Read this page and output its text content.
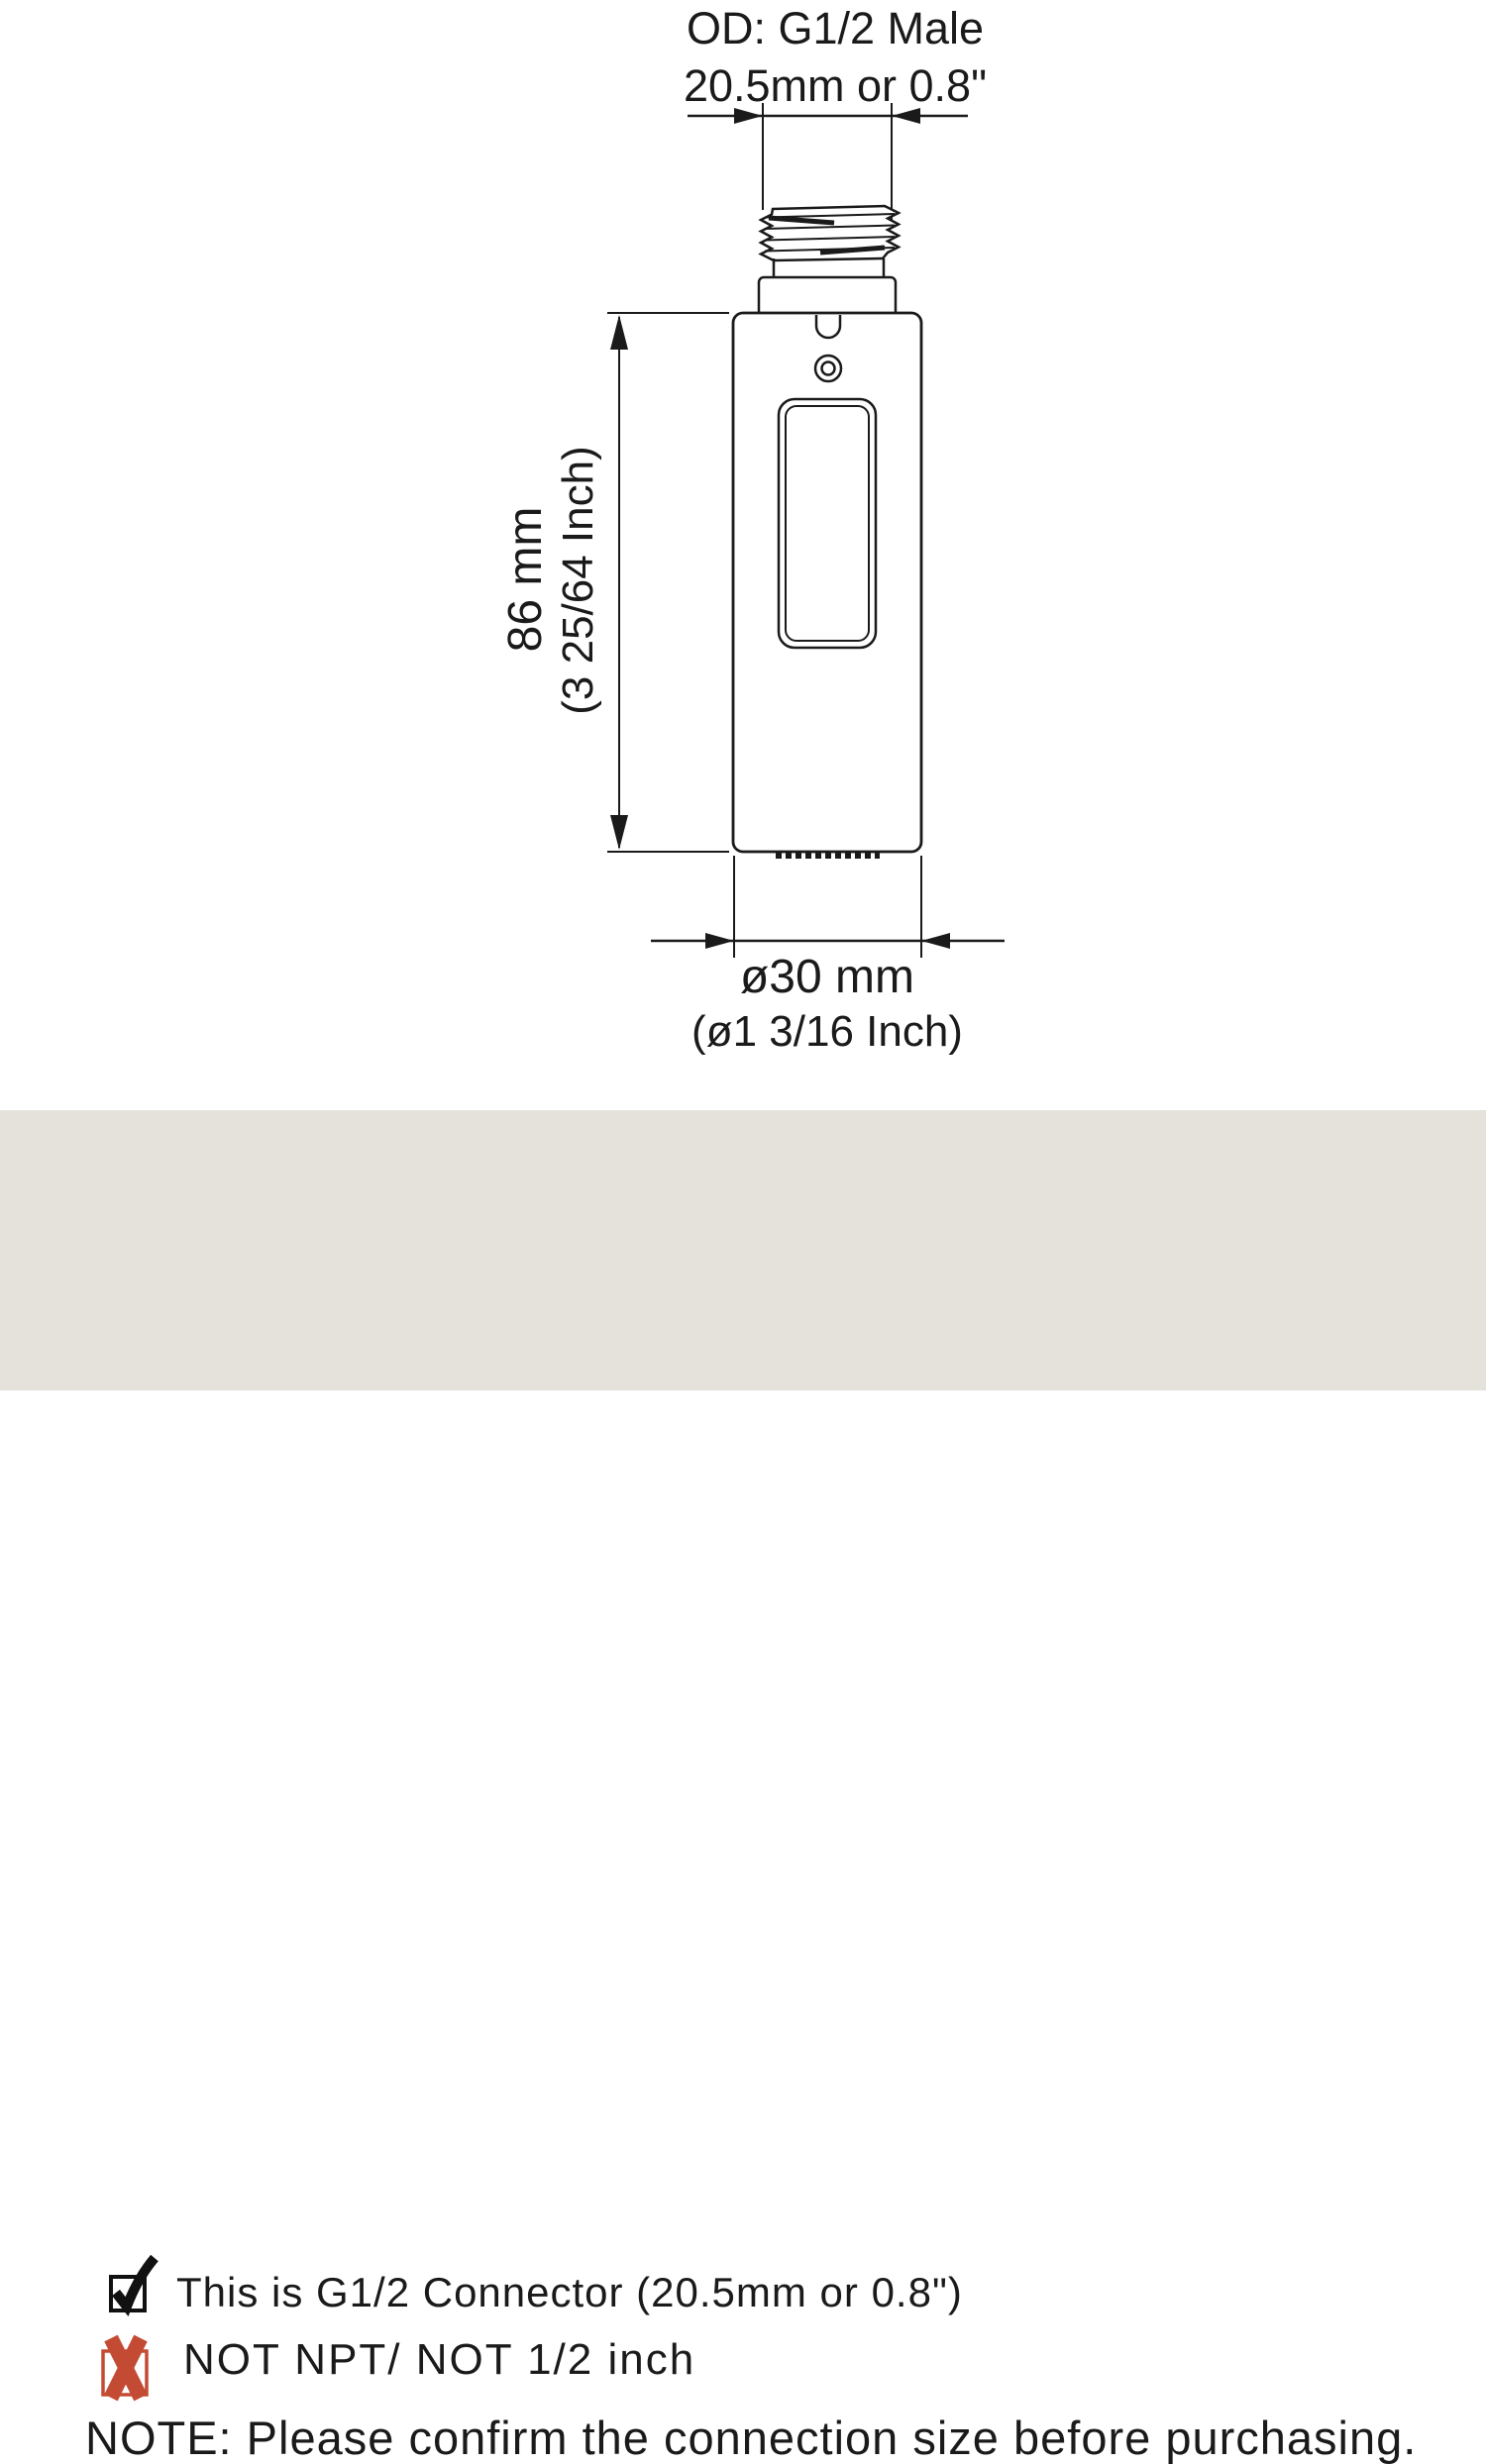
OD: G1/2 Male
20.5mm or 0.8"
86 mm (3 25/64 Inch)
ø30 mm
(ø1 3/16 Inch)
This is G1/2 Connector (20.5mm or 0.8")
NOT NPT/ NOT 1/2 inch
NOTE: Please confirm the connection size before purchasing.
